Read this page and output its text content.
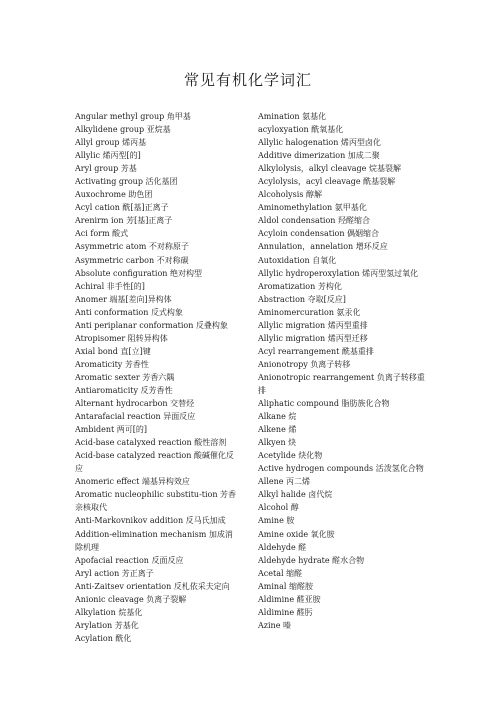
常见有机化学词汇
Angular methyl group 角甲基
Alkylidene group 亚烷基
Allyl group 烯丙基
Allylic 烯丙型[的]
Aryl group 芳基
Activating group 活化基团
Auxochrome 助色团
Acyl cation 酰[基]正离子
Arenirm ion 芳[基]正离子
Aci form 酸式
Asymmetric atom 不对称原子
Asymmetric carbon 不对称碳
Absolute configuration 绝对构型
Achiral 非手性[的]
Anomer 端基[差向]异构体
Anti conformation 反式构象
Anti periplanar conformation 反叠构象
Atropisomer 阻转异构体
Axial bond 直[立]键
Aromaticity 芳香性
Aromatic sexter 芳香六隅
Antiaromaticity 反芳香性
Alternant hydrocarbon 交替烃
Antarafacial reaction 异面反应
Ambident 两可[的]
Acid-base catalyxed reaction 酸性溶剂
Acid-base catalyzed reaction 酸碱催化反应
Anomeric effect 端基异构效应
Aromatic nucleophilic substitu-tion 芳香亲核取代
Anti-Markovnikov addition 反马氏加成
Addition-elimination mechanism 加成消除机理
Apofacial reaction 反面反应
Aryl action 芳正离子
Anti-Zaitsev orientation 反札依采夫定向
Anionic cleavage 负离子裂解
Alkylation 烷基化
Arylation 芳基化
Acylation 酰化
Amination 氨基化
acyloxyation 酰氧基化
Allylic halogenation 烯丙型卤化
Additive dimerization 加成二聚
Alkylolysis，alkyl cleavage 烷基裂解
Acylolysis，acyl cleavage 酰基裂解
Alcoholysis 醇解
Aminomethylation 氨甲基化
Aldol condensation 羟醛缩合
Acyloin condensation 偶姻缩合
Annulation，annelation 增环反应
Autoxidation 自氧化
Allylic hydroperoxylation 烯丙型氢过氧化
Aromatization 芳构化
Abstraction 夺取[反应]
Aminomercuration 氨汞化
Allylic migration 烯丙型重排
Allylic migration 烯丙型迁移
Acyl rearrangement 酰基重排
Anionotropy 负离子转移
Anionotropic rearrangement 负离子转移重排
Aliphatic compound 脂肪族化合物
Alkane 烷
Alkene 烯
Alkyen 炔
Acetylide 炔化物
Active hydrogen compounds 活泼氢化合物
Allene 丙二烯
Alkyl halide 卤代烷
Alcohol 醇
Amine 胺
Amine oxide 氧化胺
Aldehyde 醛
Aldehyde hydrate 醛水合物
Acetal 缩醛
Aminal 缩醛胺
Aldimine 醛亚胺
Aldimine 醛肟
Azine 嗪
